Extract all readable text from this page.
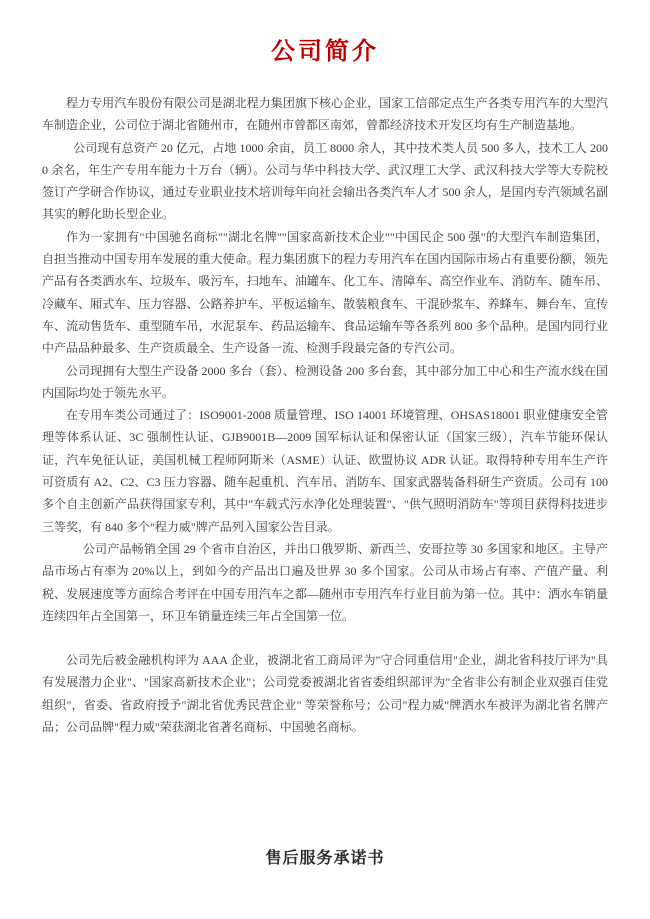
公司简介

程力专用汽车股份有限公司是湖北程力集团旗下核心企业，国家工信部定点生产各类专用汽车的大型汽车制造企业，公司位于湖北省随州市，在随州市曾都区南郊，曾都经济技术开发区均有生产制造基地。

公司现有总资产 20 亿元，占地 1000 余亩，员工 8000 余人，其中技术类人员 500 多人，技术工人 2000 余名，年生产专用车能力十万台（辆）。公司与华中科技大学、武汉理工大学、武汉科技大学等大专院校签订产学研合作协议，通过专业职业技术培训每年向社会输出各类汽车人才 500 余人，是国内专汽领域名副其实的孵化助长型企业。

作为一家拥有"中国驰名商标""湖北名牌""国家高新技术企业""中国民企 500 强"的大型汽车制造集团，自担当推动中国专用车发展的重大使命。程力集团旗下的程力专用汽车在国内国际市场占有重要份额，领先产品有各类洒水车、垃圾车、吸污车，扫地车、油罐车、化工车、清障车、高空作业车、消防车、随车吊、冷藏车、厢式车、压力容器、公路养护车、平板运输车、散装粮食车、干混砂浆车、养蜂车、舞台车、宣传车、流动售货车、重型随车吊，水泥泵车、药品运输车、食品运输车等各系列 800 多个品种。是国内同行业中产品品种最多、生产资质最全、生产设备一流、检测手段最完备的专汽公司。

公司现拥有大型生产设备 2000 多台（套）、检测设备 200 多台套，其中部分加工中心和生产流水线在国内国际均处于领先水平。

在专用车类公司通过了：ISO9001-2008 质量管理、ISO 14001 环境管理、OHSAS18001 职业健康安全管理等体系认证、3C 强制性认证、GJB9001B—2009 国军标认证和保密认证（国家三级），汽车节能环保认证，汽车免征认证，美国机械工程师阿斯米（ASME）认证、欧盟协议 ADR 认证。取得特种专用车生产许可资质有 A2、C2、C3 压力容器、随车起重机、汽车吊、消防车、国家武器装备科研生产资质。公司有 100 多个自主创新产品获得国家专利，其中"车载式污水净化处理装置"、"供气照明消防车"等项目获得科技进步三等奖，有 840 多个"程力威"牌产品列入国家公告目录。

公司产品畅销全国 29 个省市自治区，并出口俄罗斯、新西兰、安哥拉等 30 多国家和地区。主导产品市场占有率为 20%以上，到如今的产品出口遍及世界 30 多个国家。公司从市场占有率、产值产量、利税、发展速度等方面综合考评在中国专用汽车之都—随州市专用汽车行业目前为第一位。其中：洒水车销量连续四年占全国第一，环卫车销量连续三年占全国第一位。

公司先后被金融机构评为 AAA 企业，被湖北省工商局评为"守合同重信用"企业，湖北省科技厅评为"具有发展潜力企业"、"国家高新技术企业"；公司党委被湖北省省委组织部评为"全省非公有制企业双强百佳党组织"，省委、省政府授予"湖北省优秀民营企业" 等荣誉称号；公司"程力威"牌洒水车被评为湖北省名牌产品；公司品牌"程力威"荣获湖北省著名商标、中国驰名商标。

售后服务承诺书
